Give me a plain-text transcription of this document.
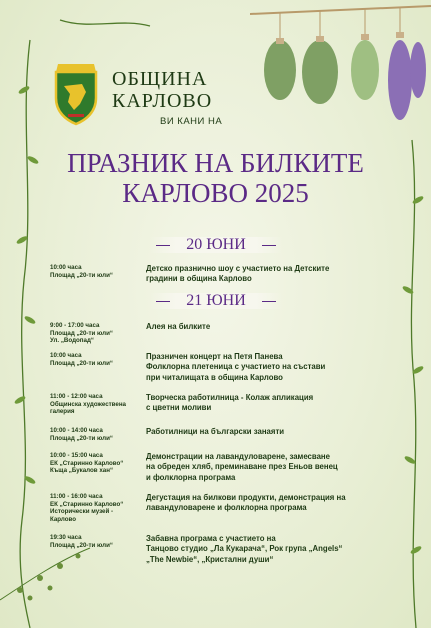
ОБЩИНА
КАРЛОВО
ВИ КАНИ НА
ПРАЗНИК НА БИЛКИТЕ
КАРЛОВО 2025
20 ЮНИ
10:00 часа
Площад „20-ти юли“
Детско празнично шоу с участието на Детските
градини в община Карлово
21 ЮНИ
9:00 - 17:00 часа
Площад „20-ти юли“
Ул. „Водопад“
Алея на билките
10:00 часа
Площад „20-ти юли“
Празничен концерт на Петя Панева
Фолклорна плетеница с участието на състави
при читалищата в община Карлово
11:00 - 12:00 часа
Общинска художествена
галерия
Творческа работилница - Колаж апликация
с цветни моливи
10:00 - 14:00 часа
Площад „20-ти юли“
Работилници на български занаяти
10:00 - 15:00 часа
ЕК „Старинно Карлово“
Къща „Букалов хан“
Демонстрации на лавандуловарене, замесване
на обреден хляб, преминаване през Еньов венец
и фолклорна програма
11:00 - 16:00 часа
ЕК „Старинно Карлово“
Исторически музей -
Карлово
Дегустация на билкови продукти, демонстрация на
лавандуловарене и фолклорна програма
19:30 часа
Площад „20-ти юли“
Забавна програма с участието на
Танцово студио „Ла Кукарача“, Рок група „Angels“
„The Newbie“, „Кристални души“
